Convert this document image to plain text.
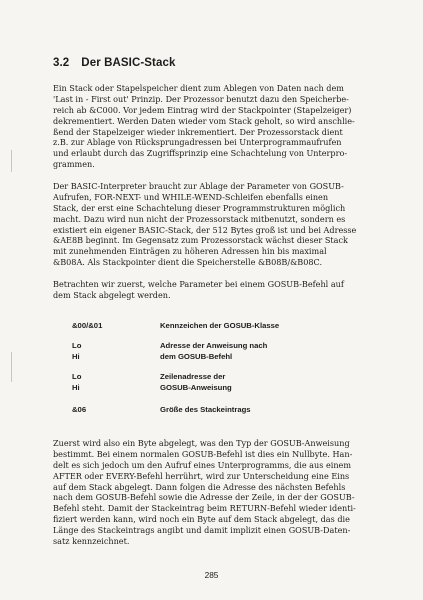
3.2 Der BASIC-Stack
Ein Stack oder Stapelspeicher dient zum Ablegen von Daten nach dem
'Last in - First out' Prinzip. Der Prozessor benutzt dazu den Speicherbe-
reich ab &C000. Vor jedem Eintrag wird der Stackpointer (Stapelzeiger)
dekrementiert. Werden Daten wieder vom Stack geholt, so wird anschlie-
ßend der Stapelzeiger wieder inkrementiert. Der Prozessorstack dient
z.B. zur Ablage von Rücksprungadressen bei Unterprogrammaufrufen
und erlaubt durch das Zugriffsprinzip eine Schachtelung von Unterpro-
grammen.
Der BASIC-Interpreter braucht zur Ablage der Parameter von GOSUB-
Aufrufen, FOR-NEXT- und WHILE-WEND-Schleifen ebenfalls einen
Stack, der erst eine Schachtelung dieser Programmstrukturen möglich
macht. Dazu wird nun nicht der Prozessorstack mitbenutzt, sondern es
existiert ein eigener BASIC-Stack, der 512 Bytes groß ist und bei Adresse
&AE8B beginnt. Im Gegensatz zum Prozessorstack wächst dieser Stack
mit zunehmenden Einträgen zu höheren Adressen hin bis maximal
&B08A. Als Stackpointer dient die Speicherstelle &B08B/&B08C.
Betrachten wir zuerst, welche Parameter bei einem GOSUB-Befehl auf
dem Stack abgelegt werden.
&00/&01	Kennzeichen der GOSUB-Klasse
Lo
Hi
Adresse der Anweisung nach
dem GOSUB-Befehl
Lo
Hi
Zeilenadresse der
GOSUB-Anweisung
&06	Größe des Stackeintrags
Zuerst wird also ein Byte abgelegt, was den Typ der GOSUB-Anweisung
bestimmt. Bei einem normalen GOSUB-Befehl ist dies ein Nullbyte. Han-
delt es sich jedoch um den Aufruf eines Unterprogramms, die aus einem
AFTER oder EVERY-Befehl herrührt, wird zur Unterscheidung eine Eins
auf dem Stack abgelegt. Dann folgen die Adresse des nächsten Befehls
nach dem GOSUB-Befehl sowie die Adresse der Zeile, in der der GOSUB-
Befehl steht. Damit der Stackeintrag beim RETURN-Befehl wieder identi-
fiziert werden kann, wird noch ein Byte auf dem Stack abgelegt, das die
Länge des Stackeintrags angibt und damit implizit einen GOSUB-Daten-
satz kennzeichnet.
285
